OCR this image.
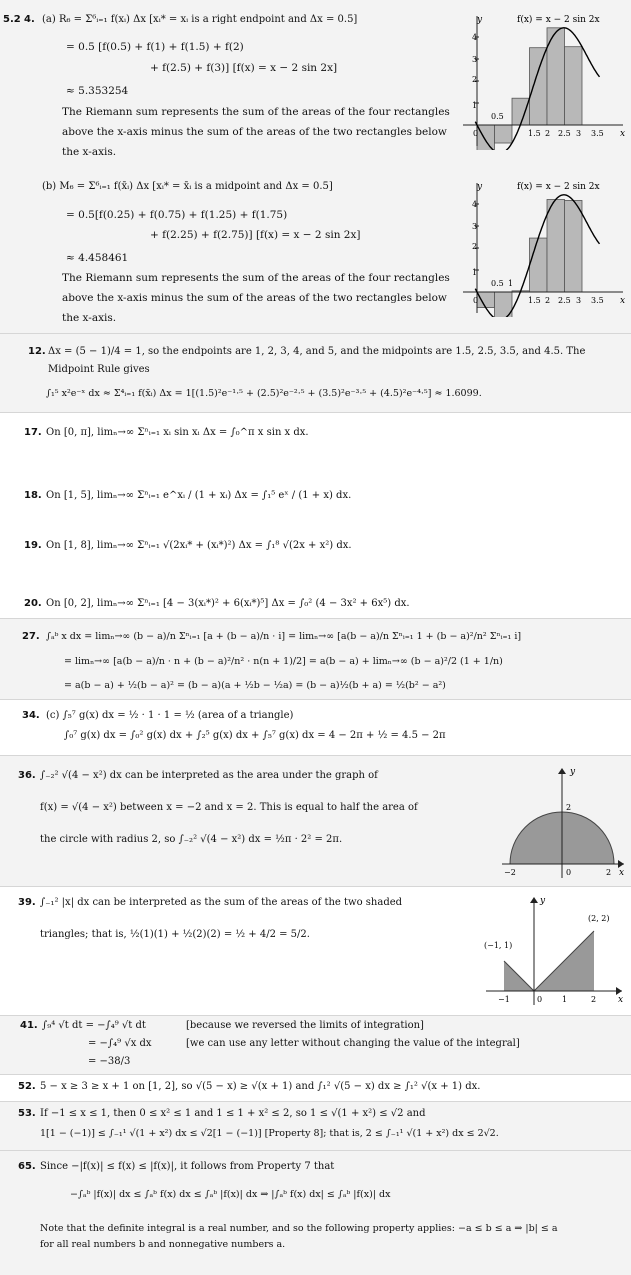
5.2 4. (a) R₆ = Σ⁶ᵢ₌₁ f(xᵢ) Δx [xᵢ* = xᵢ is a right endpoint and Δx = 0.5]
= 0.5 [f(0.5) + f(1) + f(1.5) + f(2)
+ f(2.5) + f(3)] [f(x) = x − 2 sin 2x]
≈ 5.353254
The Riemann sum represents the sum of the areas of the four rectangles
above the x-axis minus the sum of the areas of the two rectangles below
the x-axis.
f(x) = x − 2 sin 2x
y
x
0
1
2
3
4
0.5
1.5 2 2.5 3 3.5
(b) M₆ = Σ⁶ᵢ₌₁ f(x̄ᵢ) Δx [xᵢ* = x̄ᵢ is a midpoint and Δx = 0.5]
= 0.5[f(0.25) + f(0.75) + f(1.25) + f(1.75)
+ f(2.25) + f(2.75)] [f(x) = x − 2 sin 2x]
≈ 4.458461
The Riemann sum represents the sum of the areas of the four rectangles
above the x-axis minus the sum of the areas of the two rectangles below
the x-axis.
f(x) = x − 2 sin 2x
y
x
0
1
2
3
4
0.5 1
1.5 2 2.5 3 3.5
12. Δx = (5 − 1)/4 = 1, so the endpoints are 1, 2, 3, 4, and 5, and the midpoints are 1.5, 2.5, 3.5, and 4.5. The
Midpoint Rule gives
∫₁⁵ x²e⁻ˣ dx ≈ Σ⁴ᵢ₌₁ f(x̄ᵢ) Δx = 1[(1.5)²e⁻¹·⁵ + (2.5)²e⁻²·⁵ + (3.5)²e⁻³·⁵ + (4.5)²e⁻⁴·⁵] ≈ 1.6099.
17. On [0, π], limₙ→∞ Σⁿᵢ₌₁ xᵢ sin xᵢ Δx = ∫₀^π x sin x dx.
18. On [1, 5], limₙ→∞ Σⁿᵢ₌₁ e^xᵢ / (1 + xᵢ) Δx = ∫₁⁵ eˣ / (1 + x) dx.
19. On [1, 8], limₙ→∞ Σⁿᵢ₌₁ √(2xᵢ* + (xᵢ*)²) Δx = ∫₁⁸ √(2x + x²) dx.
20. On [0, 2], limₙ→∞ Σⁿᵢ₌₁ [4 − 3(xᵢ*)² + 6(xᵢ*)⁵] Δx = ∫₀² (4 − 3x² + 6x⁵) dx.
27. ∫ₐᵇ x dx = limₙ→∞ (b − a)/n Σⁿᵢ₌₁ [a + (b − a)/n · i] = limₙ→∞ [a(b − a)/n Σⁿᵢ₌₁ 1 + (b − a)²/n² Σⁿᵢ₌₁ i]
= limₙ→∞ [a(b − a)/n · n + (b − a)²/n² · n(n + 1)/2] = a(b − a) + limₙ→∞ (b − a)²/2 (1 + 1/n)
= a(b − a) + ½(b − a)² = (b − a)(a + ½b − ½a) = (b − a)½(b + a) = ½(b² − a²)
34. (c) ∫₅⁷ g(x) dx = ½ · 1 · 1 = ½ (area of a triangle)
∫₀⁷ g(x) dx = ∫₀² g(x) dx + ∫₂⁵ g(x) dx + ∫₅⁷ g(x) dx = 4 − 2π + ½ = 4.5 − 2π
36. ∫₋₂² √(4 − x²) dx can be interpreted as the area under the graph of
f(x) = √(4 − x²) between x = −2 and x = 2. This is equal to half the area of
the circle with radius 2, so ∫₋₂² √(4 − x²) dx = ½π · 2² = 2π.
y
2
−2	0	2 x
39. ∫₋₁² |x| dx can be interpreted as the sum of the areas of the two shaded
triangles; that is, ½(1)(1) + ½(2)(2) = ½ + 4/2 = 5/2.
y
(−1, 1)
(2, 2)
−1	0 1	2 x
41. ∫₉⁴ √t dt = −∫₄⁹ √t dt	[because we reversed the limits of integration]
= −∫₄⁹ √x dx	[we can use any letter without changing the value of the integral]
= −38/3
52. 5 − x ≥ 3 ≥ x + 1 on [1, 2], so √(5 − x) ≥ √(x + 1) and ∫₁² √(5 − x) dx ≥ ∫₁² √(x + 1) dx.
53. If −1 ≤ x ≤ 1, then 0 ≤ x² ≤ 1 and 1 ≤ 1 + x² ≤ 2, so 1 ≤ √(1 + x²) ≤ √2 and
1[1 − (−1)] ≤ ∫₋₁¹ √(1 + x²) dx ≤ √2[1 − (−1)] [Property 8]; that is, 2 ≤ ∫₋₁¹ √(1 + x²) dx ≤ 2√2.
65. Since −|f(x)| ≤ f(x) ≤ |f(x)|, it follows from Property 7 that
−∫ₐᵇ |f(x)| dx ≤ ∫ₐᵇ f(x) dx ≤ ∫ₐᵇ |f(x)| dx ⇒ |∫ₐᵇ f(x) dx| ≤ ∫ₐᵇ |f(x)| dx
Note that the definite integral is a real number, and so the following property applies: −a ≤ b ≤ a ⇒ |b| ≤ a
for all real numbers b and nonnegative numbers a.
